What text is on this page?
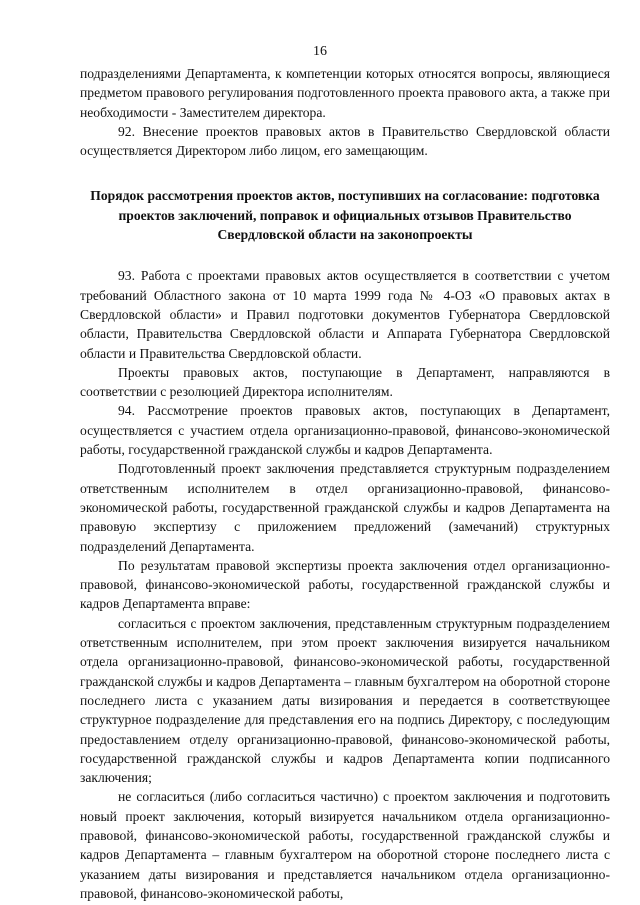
16

подразделениями Департамента, к компетенции которых относятся вопросы, являющиеся предметом правового регулирования подготовленного проекта правового акта, а также при необходимости - Заместителем директора.

92. Внесение проектов правовых актов в Правительство Свердловской области осуществляется Директором либо лицом, его замещающим.

Порядок рассмотрения проектов актов, поступивших на согласование: подготовка проектов заключений, поправок и официальных отзывов Правительство Свердловской области на законопроекты

93. Работа с проектами правовых актов осуществляется в соответствии с учетом требований Областного закона от 10 марта 1999 года № 4-ОЗ «О правовых актах в Свердловской области» и Правил подготовки документов Губернатора Свердловской области, Правительства Свердловской области и Аппарата Губернатора Свердловской области и Правительства Свердловской области.

Проекты правовых актов, поступающие в Департамент, направляются в соответствии с резолюцией Директора исполнителям.

94. Рассмотрение проектов правовых актов, поступающих в Департамент, осуществляется с участием отдела организационно-правовой, финансово-экономической работы, государственной гражданской службы и кадров Департамента.

Подготовленный проект заключения представляется структурным подразделением ответственным исполнителем в отдел организационно-правовой, финансово-экономической работы, государственной гражданской службы и кадров Департамента на правовую экспертизу с приложением предложений (замечаний) структурных подразделений Департамента.

По результатам правовой экспертизы проекта заключения отдел организационно-правовой, финансово-экономической работы, государственной гражданской службы и кадров Департамента вправе:

согласиться с проектом заключения, представленным структурным подразделением ответственным исполнителем, при этом проект заключения визируется начальником отдела организационно-правовой, финансово-экономической работы, государственной гражданской службы и кадров Департамента – главным бухгалтером на оборотной стороне последнего листа с указанием даты визирования и передается в соответствующее структурное подразделение для представления его на подпись Директору, с последующим предоставлением отделу организационно-правовой, финансово-экономической работы, государственной гражданской службы и кадров Департамента копии подписанного заключения;

не согласиться (либо согласиться частично) с проектом заключения и подготовить новый проект заключения, который визируется начальником отдела организационно-правовой, финансово-экономической работы, государственной гражданской службы и кадров Департамента – главным бухгалтером на оборотной стороне последнего листа с указанием даты визирования и представляется начальником отдела организационно-правовой, финансово-экономической работы,
